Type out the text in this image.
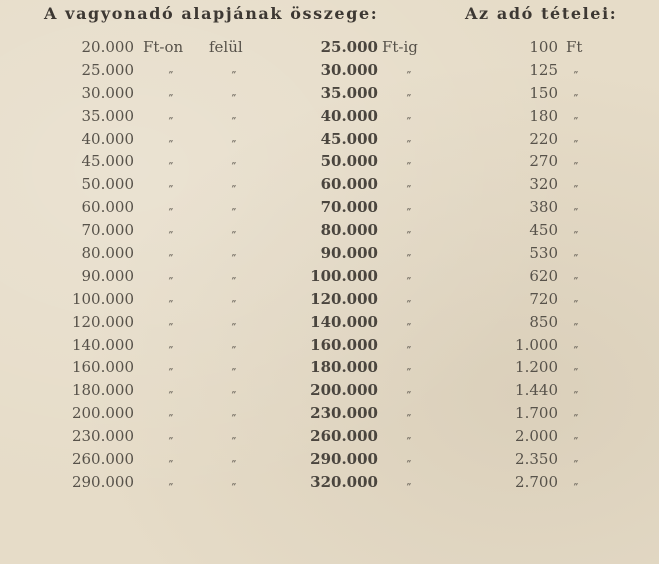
A vagyonadó alapjának összege:	Az adó tételei:
20.000 Ft-on felül	25.000 Ft-ig	100 Ft
25.000	„	„	30.000	„	125	„
30.000	„	„	35.000	„	150	„
35.000	„	„	40.000	„	180	„
40.000	„	„	45.000	„	220	„
45.000	„	„	50.000	„	270	„
50.000	„	„	60.000	„	320	„
60.000	„	„	70.000	„	380	„
70.000	„	„	80.000	„	450	„
80.000	„	„	90.000	„	530	„
90.000	„	„	100.000	„	620	„
100.000	„	„	120.000	„	720	„
120.000	„	„	140.000	„	850	„
140.000	„	„	160.000	„	1.000	„
160.000	„	„	180.000	„	1.200	„
180.000	„	„	200.000	„	1.440	„
200.000	„	„	230.000	„	1.700	„
230.000	„	„	260.000	„	2.000	„
260.000	„	„	290.000	„	2.350	„
290.000	„	„	320.000	„	2.700	„
